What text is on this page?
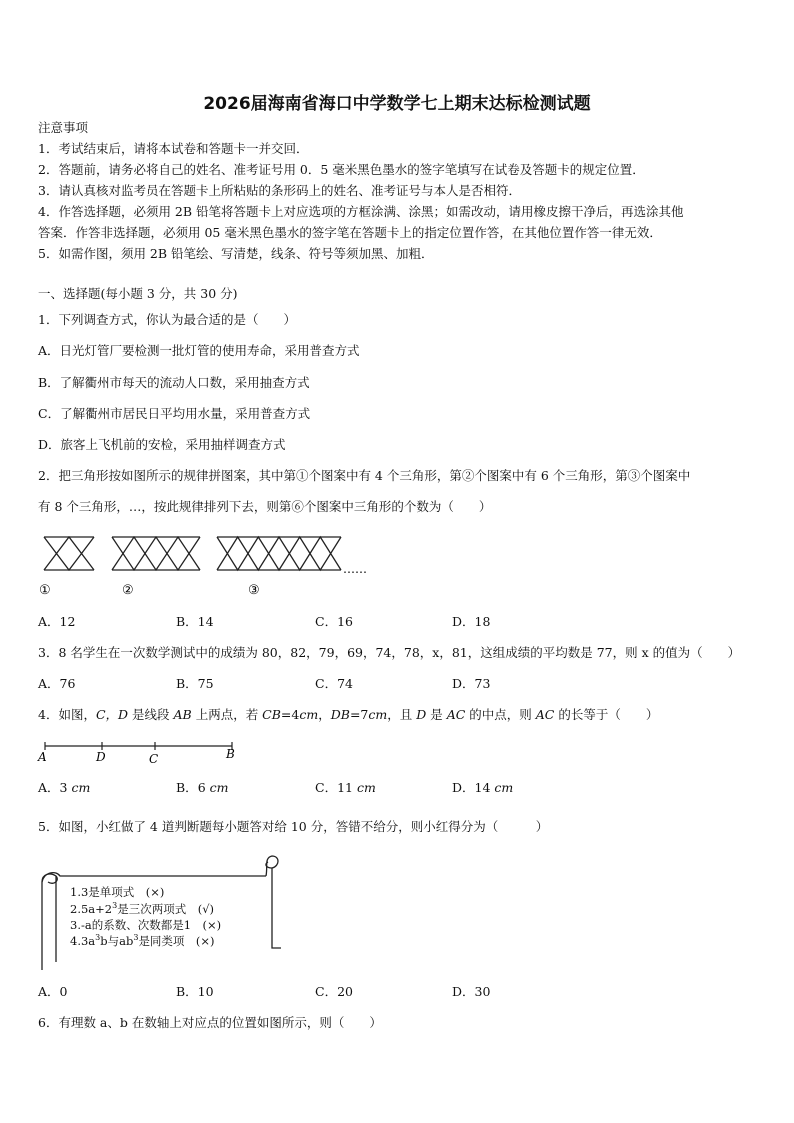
2026届海南省海口中学数学七上期末达标检测试题
注意事项
1．考试结束后，请将本试卷和答题卡一并交回．
2．答题前，请务必将自己的姓名、准考证号用 0．5 毫米黑色墨水的签字笔填写在试卷及答题卡的规定位置．
3．请认真核对监考员在答题卡上所粘贴的条形码上的姓名、准考证号与本人是否相符．
4．作答选择题，必须用 2B 铅笔将答题卡上对应选项的方框涂满、涂黑；如需改动，请用橡皮擦干净后，再选涂其他
答案．作答非选择题，必须用 05 毫米黑色墨水的签字笔在答题卡上的指定位置作答，在其他位置作答一律无效．
5．如需作图，须用 2B 铅笔绘、写清楚，线条、符号等须加黑、加粗．
一、选择题(每小题 3 分，共 30 分)
1．下列调查方式，你认为最合适的是（　　）
A．日光灯管厂要检测一批灯管的使用寿命，采用普查方式
B．了解衢州市每天的流动人口数，采用抽查方式
C．了解衢州市居民日平均用水量，采用普查方式
D．旅客上飞机前的安检，采用抽样调查方式
2．把三角形按如图所示的规律拼图案，其中第①个图案中有 4 个三角形，第②个图案中有 6 个三角形，第③个图案中
有 8 个三角形，…，按此规律排列下去，则第⑥个图案中三角形的个数为（　　）
①	②	③
……
A．12	B．14	C．16	D．18
3．8 名学生在一次数学测试中的成绩为 80，82，79，69，74，78，x，81，这组成绩的平均数是 77，则 x 的值为（　　）
A．76	B．75	C．74	D．73
4．如图，C，D 是线段 AB 上两点，若 CB=4cm，DB=7cm，且 D 是 AC 的中点，则 AC 的长等于（　　）
A	D	C	B
A．3 cm	B．6 cm	C．11 cm	D．14 cm
5．如图，小红做了 4 道判断题每小题答对给 10 分，答错不给分，则小红得分为（　　　）
1.3是单项式　(×)
$2.5a+2^3$是三次两项式　(√)
3.-a的系数、次数都是1　(×)
$4.3a^3b$与$ab^3$是同类项　(×)
A．0	B．10	C．20	D．30
6．有理数 a、b 在数轴上对应点的位置如图所示，则（　　）
